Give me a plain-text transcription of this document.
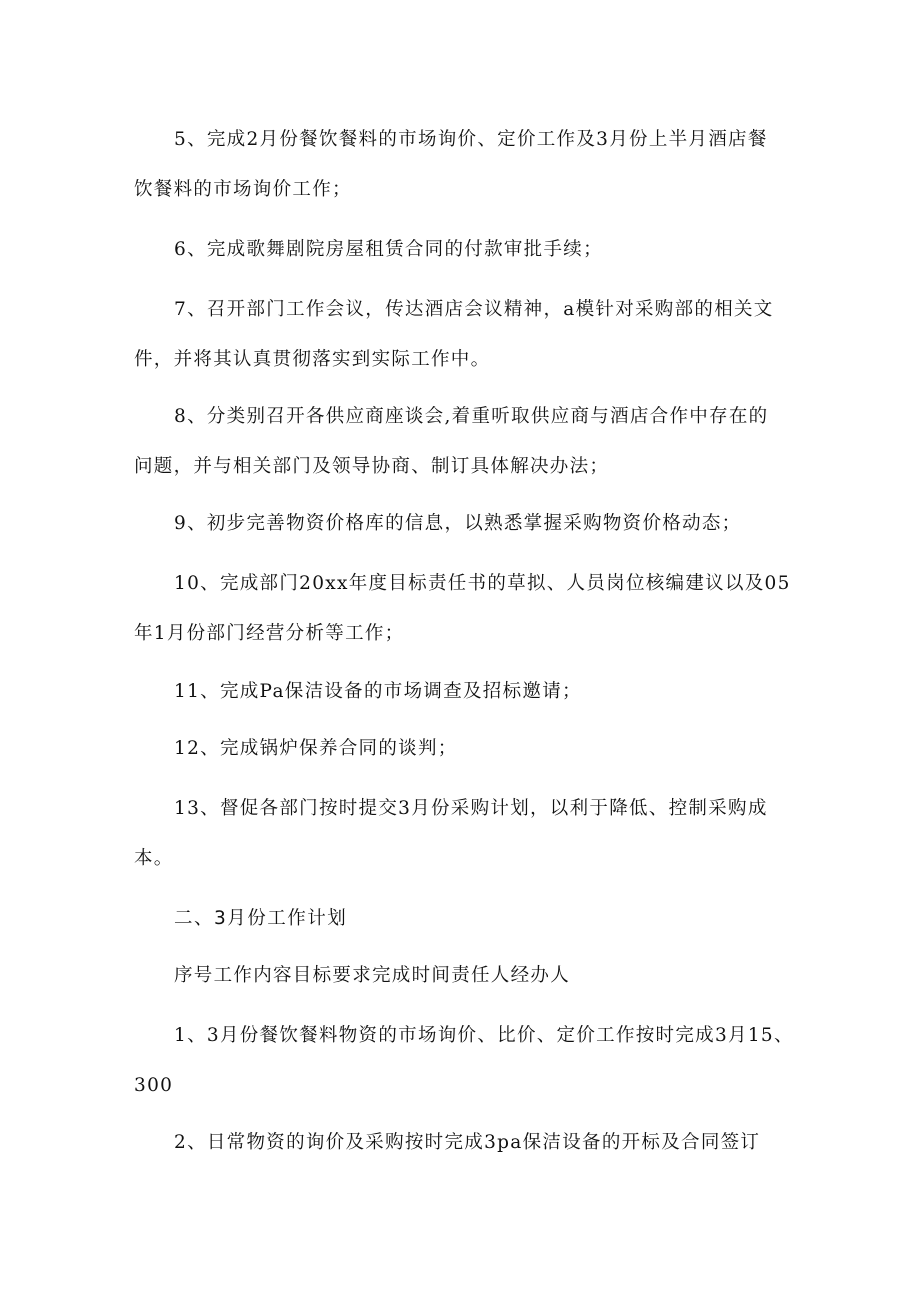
5、完成2月份餐饮餐料的市场询价、定价工作及3月份上半月酒店餐
饮餐料的市场询价工作；
6、完成歌舞剧院房屋租赁合同的付款审批手续；
7、召开部门工作会议，传达酒店会议精神，a模针对采购部的相关文
件，并将其认真贯彻落实到实际工作中。
8、分类别召开各供应商座谈会,着重听取供应商与酒店合作中存在的
问题，并与相关部门及领导协商、制订具体解决办法；
9、初步完善物资价格库的信息，以熟悉掌握采购物资价格动态；
10、完成部门20xx年度目标责任书的草拟、人员岗位核编建议以及05
年1月份部门经营分析等工作；
11、完成Pa保洁设备的市场调查及招标邀请；
12、完成锅炉保养合同的谈判；
13、督促各部门按时提交3月份采购计划，以利于降低、控制采购成
本。
二、3月份工作计划
序号工作内容目标要求完成时间责任人经办人
1、3月份餐饮餐料物资的市场询价、比价、定价工作按时完成3月15、
300
2、日常物资的询价及采购按时完成3pa保洁设备的开标及合同签订
